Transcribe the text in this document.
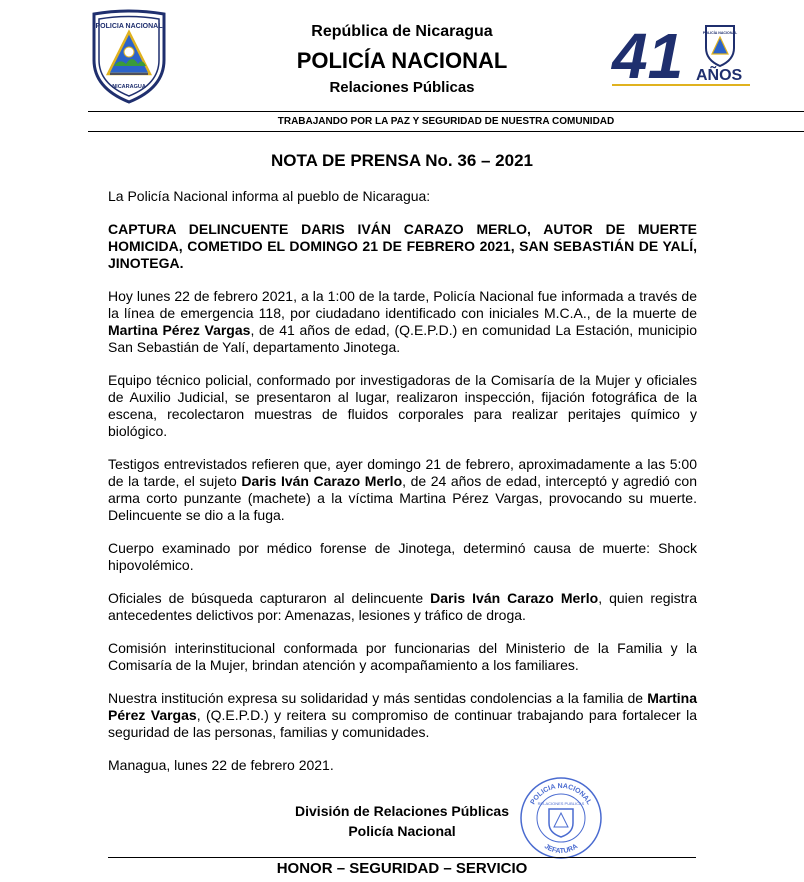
POLICIA NACIONAL
NICARAGUA
República de Nicaragua
POLICÍA NACIONAL
Relaciones Públicas	41 AÑOS
POLICÍA NACIONAL
TRABAJANDO POR LA PAZ Y SEGURIDAD DE NUESTRA COMUNIDAD
NOTA DE PRENSA No. 36 – 2021

La Policía Nacional informa al pueblo de Nicaragua:

CAPTURA DELINCUENTE DARIS IVÁN CARAZO MERLO, AUTOR DE MUERTE HOMICIDA, COMETIDO EL DOMINGO 21 DE FEBRERO 2021, SAN SEBASTIÁN DE YALÍ, JINOTEGA.

Hoy lunes 22 de febrero 2021, a la 1:00 de la tarde, Policía Nacional fue informada a través de la línea de emergencia 118, por ciudadano identificado con iniciales M.C.A., de la muerte de Martina Pérez Vargas, de 41 años de edad, (Q.E.P.D.) en comunidad La Estación, municipio San Sebastián de Yalí, departamento Jinotega.

Equipo técnico policial, conformado por investigadoras de la Comisaría de la Mujer y oficiales de Auxilio Judicial, se presentaron al lugar, realizaron inspección, fijación fotográfica de la escena, recolectaron muestras de fluidos corporales para realizar peritajes químico y biológico.

Testigos entrevistados refieren que, ayer domingo 21 de febrero, aproximadamente a las 5:00 de la tarde, el sujeto Daris Iván Carazo Merlo, de 24 años de edad, interceptó y agredió con arma corto punzante (machete) a la víctima Martina Pérez Vargas, provocando su muerte. Delincuente se dio a la fuga.

Cuerpo examinado por médico forense de Jinotega, determinó causa de muerte: Shock hipovolémico.

Oficiales de búsqueda capturaron al delincuente Daris Iván Carazo Merlo, quien registra antecedentes delictivos por: Amenazas, lesiones y tráfico de droga.

Comisión interinstitucional conformada por funcionarias del Ministerio de la Familia y la Comisaría de la Mujer, brindan atención y acompañamiento a los familiares.

Nuestra institución expresa su solidaridad y más sentidas condolencias a la familia de Martina Pérez Vargas, (Q.E.P.D.) y reitera su compromiso de continuar trabajando para fortalecer la seguridad de las personas, familias y comunidades.

Managua, lunes 22 de febrero 2021.

División de Relaciones Públicas
Policía Nacional
POLICIA NACIONAL
RELACIONES PUBLICAS
JEFATURA
HONOR – SEGURIDAD – SERVICIO
